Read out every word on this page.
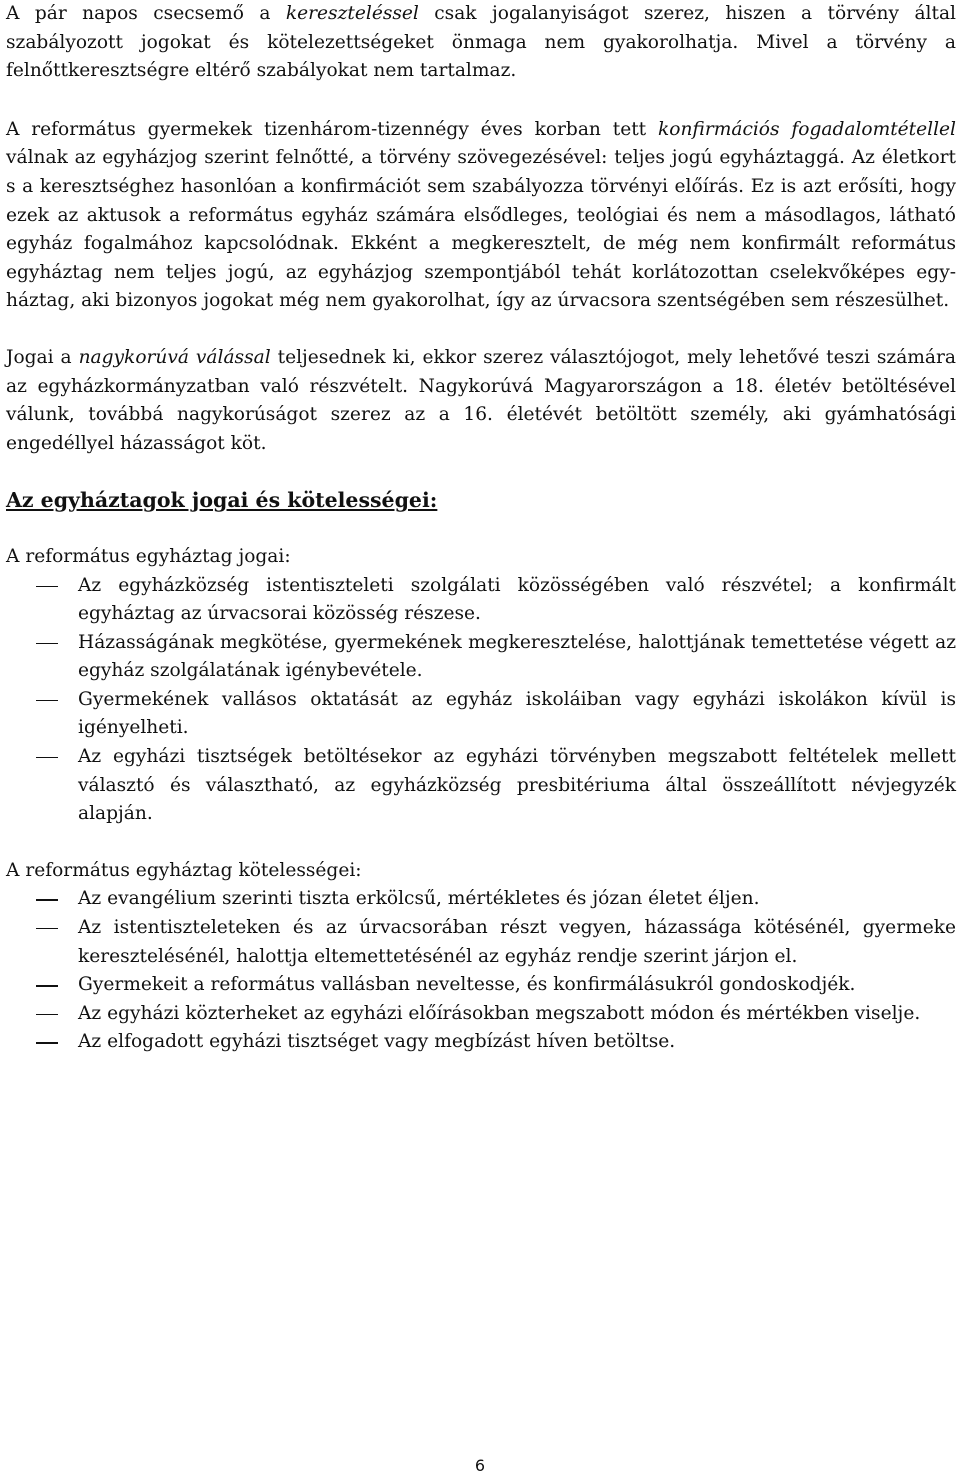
A pár napos csecsemő a kereszteléssel csak jogalanyiságot szerez, hiszen a törvény által szabályozott jogokat és kötelezettségeket önmaga nem gyakorolhatja. Mivel a törvény a felnőttkeresztségre eltérő szabályokat nem tartalmaz.

A református gyermekek tizenhárom-tizennégy éves korban tett konfirmációs fogadalomtétellel válnak az egyházjog szerint felnőtté, a törvény szövegezésével: teljes jogú egyháztaggá. Az életkort s a keresztséghez hasonlóan a konfirmációt sem szabályozza törvényi előírás. Ez is azt erősíti, hogy ezek az aktusok a református egyház számára elsődleges, teológiai és nem a másodlagos, látható egyház fogalmához kapcsolódnak. Ekként a megkeresztelt, de még nem konfirmált református egyháztag nem teljes jogú, az egyházjog szempontjából tehát korlátozottan cselekvőképes egyháztag, aki bizonyos jogokat még nem gyakorolhat, így az úrvacsora szentségében sem részesülhet.

Jogai a nagykorúvá válással teljesednek ki, ekkor szerez választójogot, mely lehetővé teszi számára az egyházkormányzatban való részvételt. Nagykorúvá Magyarországon a 18. életév betöltésével válunk, továbbá nagykorúságot szerez az a 16. életévét betöltött személy, aki gyámhatósági engedéllyel házasságot köt.

Az egyháztagok jogai és kötelességei:

A református egyháztag jogai:

Az egyházközség istentiszteleti szolgálati közösségében való részvétel; a konfirmált egyháztag az úrvacsorai közösség részese.
Házasságának megkötése, gyermekének megkeresztelése, halottjának temettetése végett az egyház szolgálatának igénybevétele.
Gyermekének vallásos oktatását az egyház iskoláiban vagy egyházi iskolákon kívül is igényelheti.
Az egyházi tisztségek betöltésekor az egyházi törvényben megszabott feltételek mellett választó és választható, az egyházközség presbitériuma által összeállított névjegyzék alapján.

A református egyháztag kötelességei:

Az evangélium szerinti tiszta erkölcsű, mértékletes és józan életet éljen.
Az istentiszteleteken és az úrvacsorában részt vegyen, házassága kötésénél, gyermeke keresztelésénél, halottja eltemettetésénél az egyház rendje szerint járjon el.
Gyermekeit a református vallásban neveltesse, és konfirmálásukról gondoskodjék.
Az egyházi közterheket az egyházi előírásokban megszabott módon és mértékben viselje.
Az elfogadott egyházi tisztséget vagy megbízást híven betöltse.
6
